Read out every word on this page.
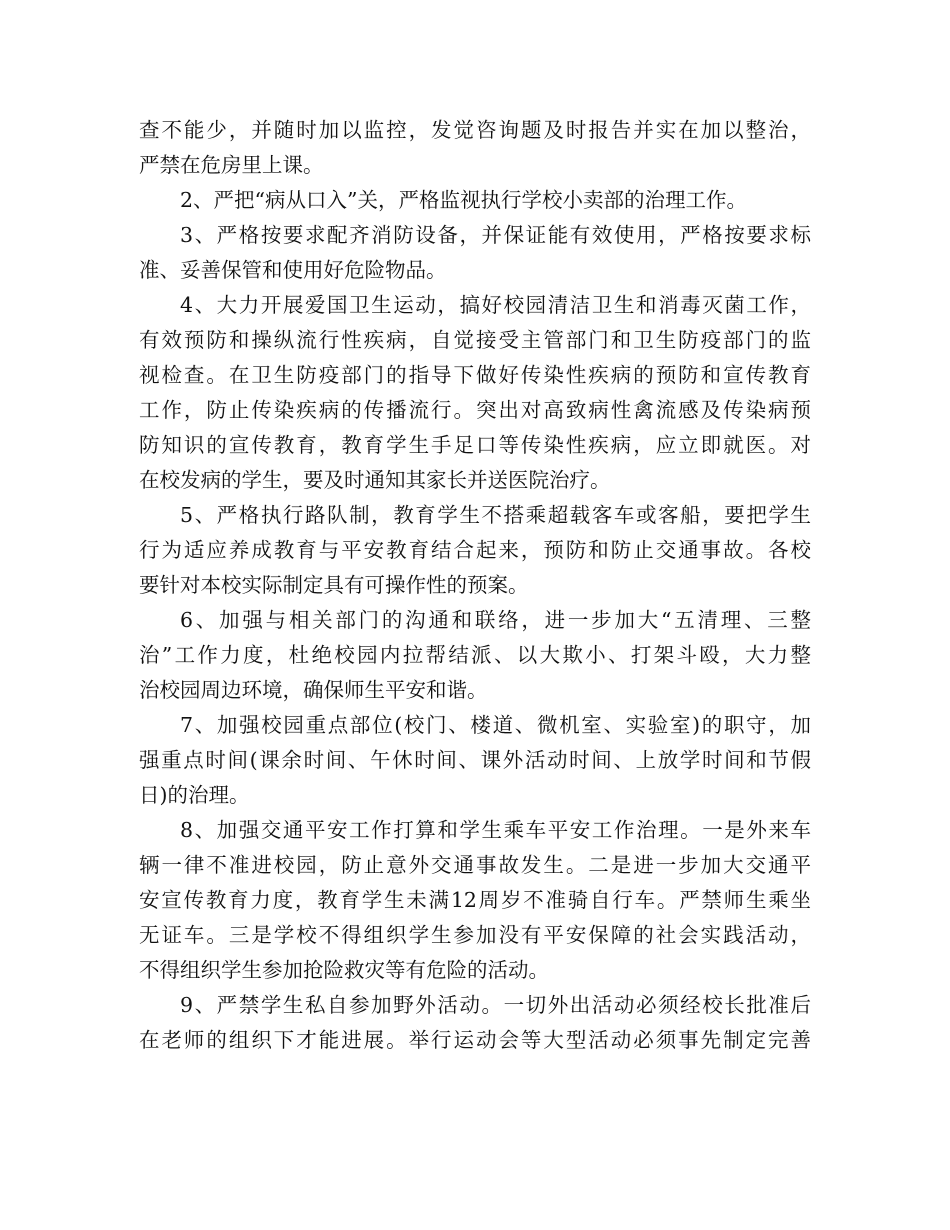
查不能少，并随时加以监控，发觉咨询题及时报告并实在加以整治，
严禁在危房里上课。
2、严把“病从口入”关，严格监视执行学校小卖部的治理工作。
3、严格按要求配齐消防设备，并保证能有效使用，严格按要求标
准、妥善保管和使用好危险物品。
4、大力开展爱国卫生运动，搞好校园清洁卫生和消毒灭菌工作，
有效预防和操纵流行性疾病，自觉接受主管部门和卫生防疫部门的监
视检查。在卫生防疫部门的指导下做好传染性疾病的预防和宣传教育
工作，防止传染疾病的传播流行。突出对高致病性禽流感及传染病预
防知识的宣传教育，教育学生手足口等传染性疾病，应立即就医。对
在校发病的学生，要及时通知其家长并送医院治疗。
5、严格执行路队制，教育学生不搭乘超载客车或客船，要把学生
行为适应养成教育与平安教育结合起来，预防和防止交通事故。各校
要针对本校实际制定具有可操作性的预案。
6、加强与相关部门的沟通和联络，进一步加大“五清理、三整
治”工作力度，杜绝校园内拉帮结派、以大欺小、打架斗殴，大力整
治校园周边环境，确保师生平安和谐。
7、加强校园重点部位(校门、楼道、微机室、实验室)的职守，加
强重点时间(课余时间、午休时间、课外活动时间、上放学时间和节假
日)的治理。
8、加强交通平安工作打算和学生乘车平安工作治理。一是外来车
辆一律不准进校园，防止意外交通事故发生。二是进一步加大交通平
安宣传教育力度，教育学生未满12周岁不准骑自行车。严禁师生乘坐
无证车。三是学校不得组织学生参加没有平安保障的社会实践活动，
不得组织学生参加抢险救灾等有危险的活动。
9、严禁学生私自参加野外活动。一切外出活动必须经校长批准后
在老师的组织下才能进展。举行运动会等大型活动必须事先制定完善
